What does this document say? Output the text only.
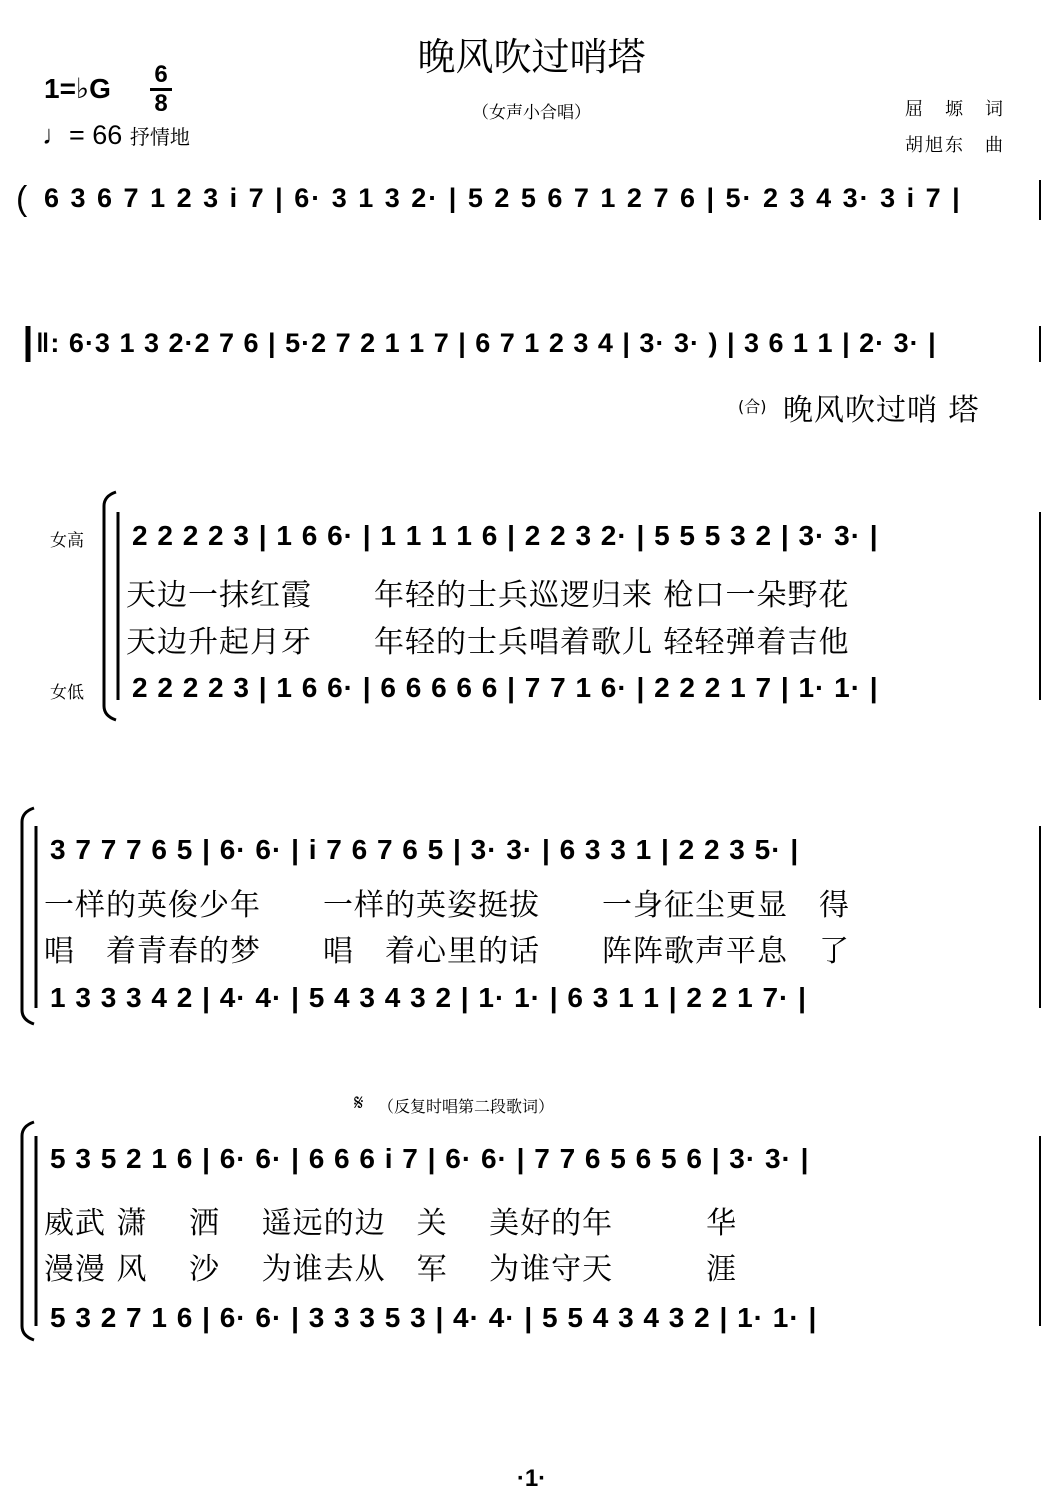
晚风吹过哨塔
（女声小合唱）	屈　塬　词
胡旭东　曲
1=♭G 6
8
♩= 66 抒情地
( 6 3 6 7 1 2 3 i 7 | 6· 3 1 3 2· | 5 2 5 6 7 1 2 7 6 | 5· 2 3 4 3· 3 i 7 |
‖: 6·3 1 3 2·2 7 6 | 5·2 7 2 1 1 7 | 6 7 1 2 3 4 | 3· 3· ) | 3 6 1 1 | 2· 3· |
(合) 晚风吹过哨 塔
女高
女低
2 2 2 2 3 | 1 6 6· | 1 1 1 1 6 | 2 2 3 2· | 5 5 5 3 2 | 3· 3· |
天边一抹红霞　　年轻的士兵巡逻归来 枪口一朵野花
天边升起月牙　　年轻的士兵唱着歌儿 轻轻弹着吉他
2 2 2 2 3 | 1 6 6· | 6 6 6 6 6 | 7 7 1 6· | 2 2 2 1 7 | 1· 1· |
3 7 7 7 6 5 | 6· 6· | i 7 6 7 6 5 | 3· 3· | 6 3 3 1 | 2 2 3 5· |
一样的英俊少年　　一样的英姿挺拔　　一身征尘更显　得
唱　着青春的梦　　唱　着心里的话　　阵阵歌声平息　了
1 3 3 3 4 2 | 4· 4· | 5 4 3 4 3 2 | 1· 1· | 6 3 1 1 | 2 2 1 7· |
𝄋 （反复时唱第二段歌词）
5 3 5 2 1 6 | 6· 6· | 6 6 6 i 7 | 6· 6· | 7 7 6 5 6 5 6 | 3· 3· |
威武 潇　 洒　 遥远的边　关　 美好的年　　　华
漫漫 风　 沙　 为谁去从　军　 为谁守天　　　涯
5 3 2 7 1 6 | 6· 6· | 3 3 3 5 3 | 4· 4· | 5 5 4 3 4 3 2 | 1· 1· |
·1·
